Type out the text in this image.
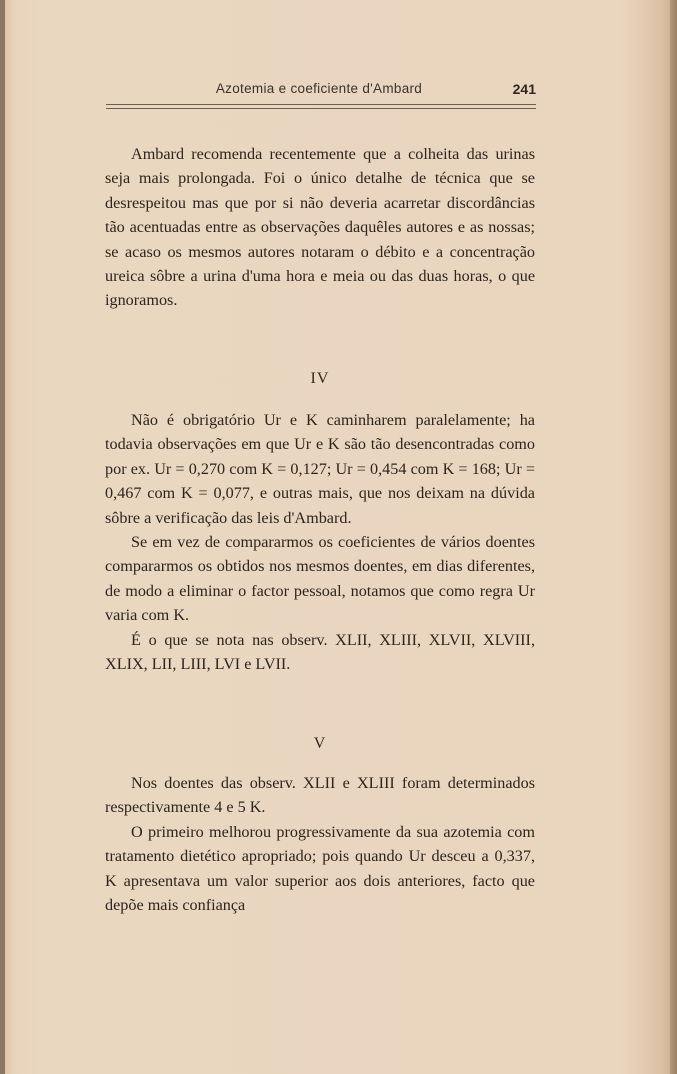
Azotemia e coeficiente d'Ambard	241

Ambard recomenda recentemente que a colheita das urinas seja mais prolongada. Foi o único detalhe de técnica que se desrespeitou mas que por si não deveria acarretar discordâncias tão acentuadas entre as observações daquêles autores e as nossas; se acaso os mesmos autores notaram o débito e a concentração ureica sôbre a urina d'uma hora e meia ou das duas horas, o que ignoramos.

IV

Não é obrigatório Ur e K caminharem paralelamente; ha todavia observações em que Ur e K são tão desencontradas como por ex. Ur = 0,270 com K = 0,127; Ur = 0,454 com K = 168; Ur = 0,467 com K = 0,077, e outras mais, que nos deixam na dúvida sôbre a verificação das leis d'Ambard.

Se em vez de compararmos os coeficientes de vários doentes compararmos os obtidos nos mesmos doentes, em dias diferentes, de modo a eliminar o factor pessoal, notamos que como regra Ur varia com K.

É o que se nota nas observ. XLII, XLIII, XLVII, XLVIII, XLIX, LII, LIII, LVI e LVII.

V

Nos doentes das observ. XLII e XLIII foram determinados respectivamente 4 e 5 K.

O primeiro melhorou progressivamente da sua azotemia com tratamento dietético apropriado; pois quando Ur desceu a 0,337, K apresentava um valor superior aos dois anteriores, facto que depõe mais confiança
